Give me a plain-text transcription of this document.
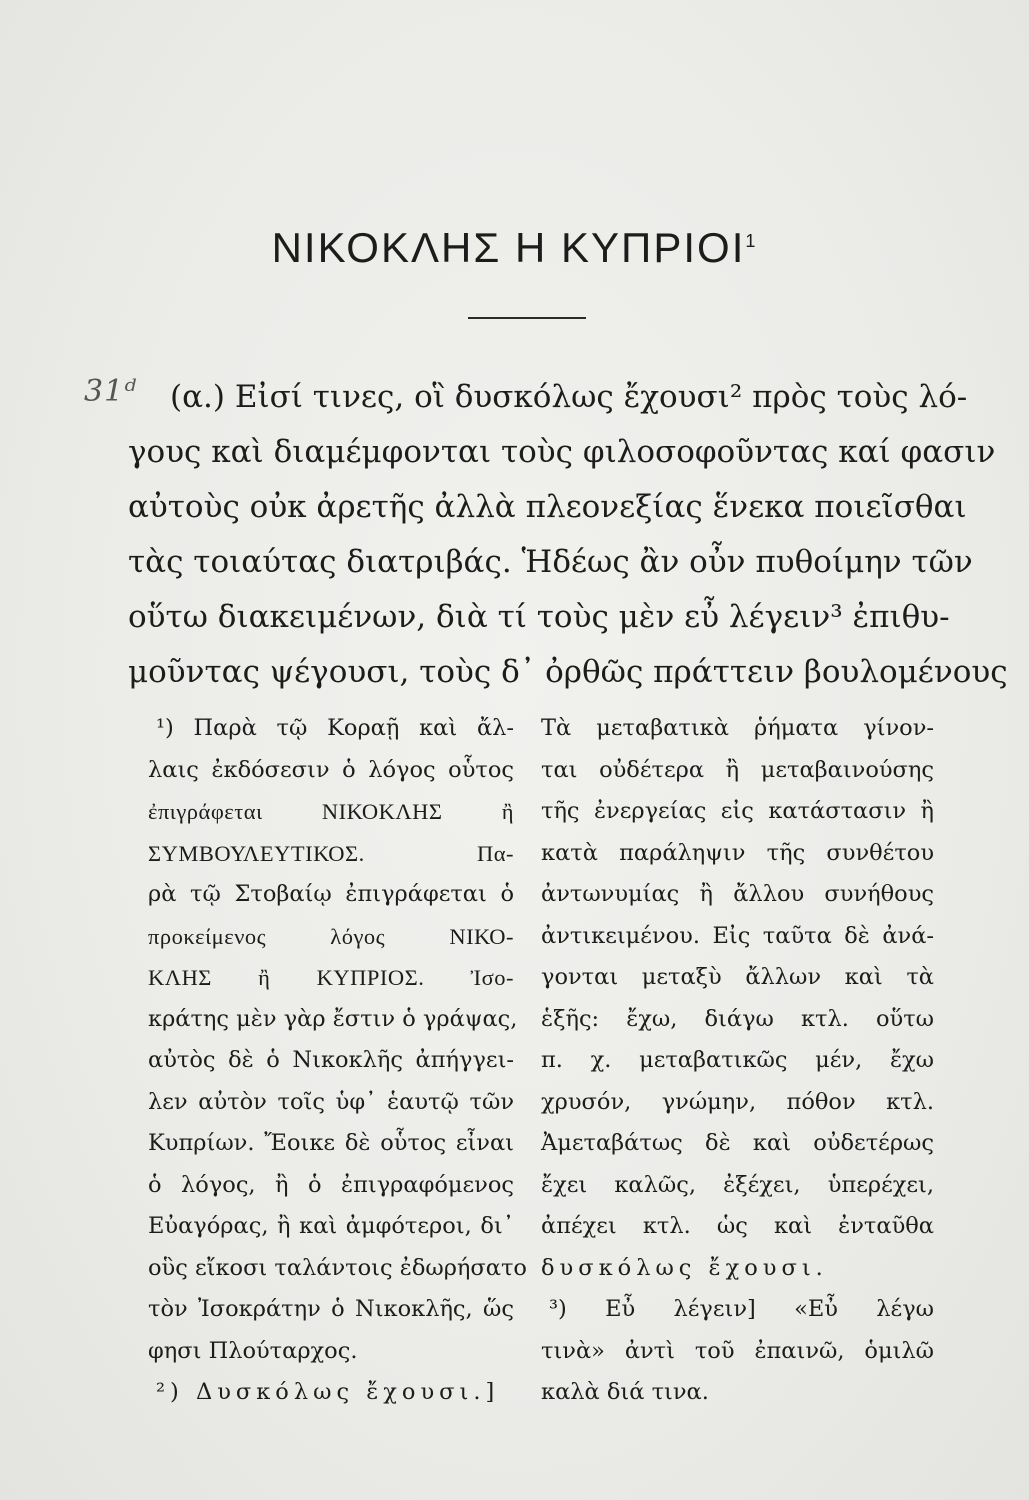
ΝΙΚΟΚΛΗΣ Η ΚΥΠΡΙΟΙ$^1$
31ᵈ	(α.) Εἰσί τινες, οἳ δυσκόλως ἔχουσι² πρὸς τοὺς λό-
γους καὶ διαμέμφονται τοὺς φιλοσοφοῦντας καί φασιν
αὐτοὺς οὐκ ἀρετῆς ἀλλὰ πλεονεξίας ἕνεκα ποιεῖσθαι
τὰς τοιαύτας διατριβάς. Ἡδέως ἂν οὖν πυθοίμην τῶν
οὕτω διακειμένων, διὰ τί τοὺς μὲν εὖ λέγειν³ ἐπιθυ-
μοῦντας ψέγουσι, τοὺς δ᾽ ὀρθῶς πράττειν βουλομένους
¹) Παρὰ τῷ Κοραῇ καὶ ἄλ-
λαις ἐκδόσεσιν ὁ λόγος οὗτος
ἐπιγράφεται ΝΙΚΟΚΛΗΣ ἢ
ΣΥΜΒΟΥΛΕΥΤΙΚΟΣ. Πα-
ρὰ τῷ Στοβαίῳ ἐπιγράφεται ὁ
προκείμενος λόγος ΝΙΚΟ-
ΚΛΗΣ ἢ ΚΥΠΡΙΟΣ. Ἰσο-
κράτης μὲν γὰρ ἔστιν ὁ γράψας,
αὐτὸς δὲ ὁ Νικοκλῆς ἀπήγγει-
λεν αὐτὸν τοῖς ὑφ᾽ ἑαυτῷ τῶν
Κυπρίων. Ἔοικε δὲ οὗτος εἶναι
ὁ λόγος, ἢ ὁ ἐπιγραφόμενος
Εὐαγόρας, ἢ καὶ ἀμφότεροι, δι᾽
οὓς εἴκοσι ταλάντοις ἐδωρήσατο
τὸν Ἰσοκράτην ὁ Νικοκλῆς, ὥς
φησι Πλούταρχος.
²) Δυσκόλως ἔχουσι.]
Τὰ μεταβατικὰ ῥήματα γίνον-
ται οὐδέτερα ἢ μεταβαινούσης
τῆς ἐνεργείας εἰς κατάστασιν ἢ
κατὰ παράληψιν τῆς συνθέτου
ἀντωνυμίας ἢ ἄλλου συνήθους
ἀντικειμένου. Εἰς ταῦτα δὲ ἀνά-
γονται μεταξὺ ἄλλων καὶ τὰ
ἑξῆς: ἔχω, διάγω κτλ. οὕτω
π. χ. μεταβατικῶς μέν, ἔχω
χρυσόν, γνώμην, πόθον κτλ.
Ἀμεταβάτως δὲ καὶ οὐδετέρως
ἔχει καλῶς, ἐξέχει, ὑπερέχει,
ἀπέχει κτλ. ὡς καὶ ἐνταῦθα
δυσκόλως ἔχουσι.
³) Εὖ λέγειν] «Εὖ λέγω
τινὰ» ἀντὶ τοῦ ἐπαινῶ, ὁμιλῶ
καλὰ διά τινα.
